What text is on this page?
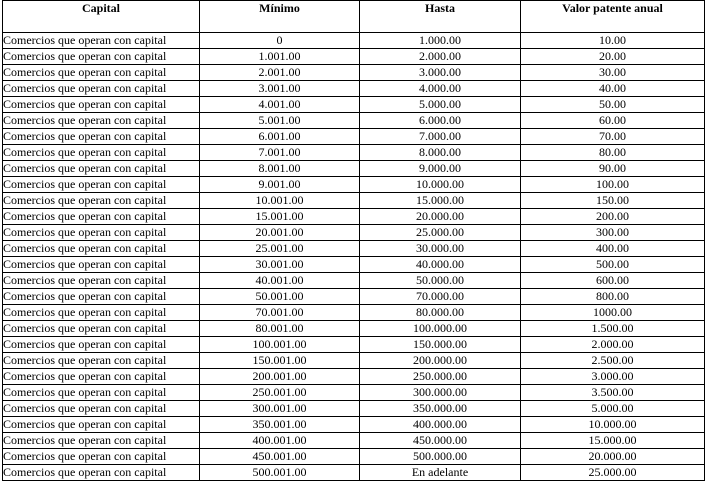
Capital	Mínimo	Hasta	Valor patente anual
Comercios que operan con capital	0	1.000.00	10.00
Comercios que operan con capital	1.001.00	2.000.00	20.00
Comercios que operan con capital	2.001.00	3.000.00	30.00
Comercios que operan con capital	3.001.00	4.000.00	40.00
Comercios que operan con capital	4.001.00	5.000.00	50.00
Comercios que operan con capital	5.001.00	6.000.00	60.00
Comercios que operan con capital	6.001.00	7.000.00	70.00
Comercios que operan con capital	7.001.00	8.000.00	80.00
Comercios que operan con capital	8.001.00	9.000.00	90.00
Comercios que operan con capital	9.001.00	10.000.00	100.00
Comercios que operan con capital	10.001.00	15.000.00	150.00
Comercios que operan con capital	15.001.00	20.000.00	200.00
Comercios que operan con capital	20.001.00	25.000.00	300.00
Comercios que operan con capital	25.001.00	30.000.00	400.00
Comercios que operan con capital	30.001.00	40.000.00	500.00
Comercios que operan con capital	40.001.00	50.000.00	600.00
Comercios que operan con capital	50.001.00	70.000.00	800.00
Comercios que operan con capital	70.001.00	80.000.00	1000.00
Comercios que operan con capital	80.001.00	100.000.00	1.500.00
Comercios que operan con capital	100.001.00	150.000.00	2.000.00
Comercios que operan con capital	150.001.00	200.000.00	2.500.00
Comercios que operan con capital	200.001.00	250.000.00	3.000.00
Comercios que operan con capital	250.001.00	300.000.00	3.500.00
Comercios que operan con capital	300.001.00	350.000.00	5.000.00
Comercios que operan con capital	350.001.00	400.000.00	10.000.00
Comercios que operan con capital	400.001.00	450.000.00	15.000.00
Comercios que operan con capital	450.001.00	500.000.00	20.000.00
Comercios que operan con capital	500.001.00	En adelante	25.000.00
